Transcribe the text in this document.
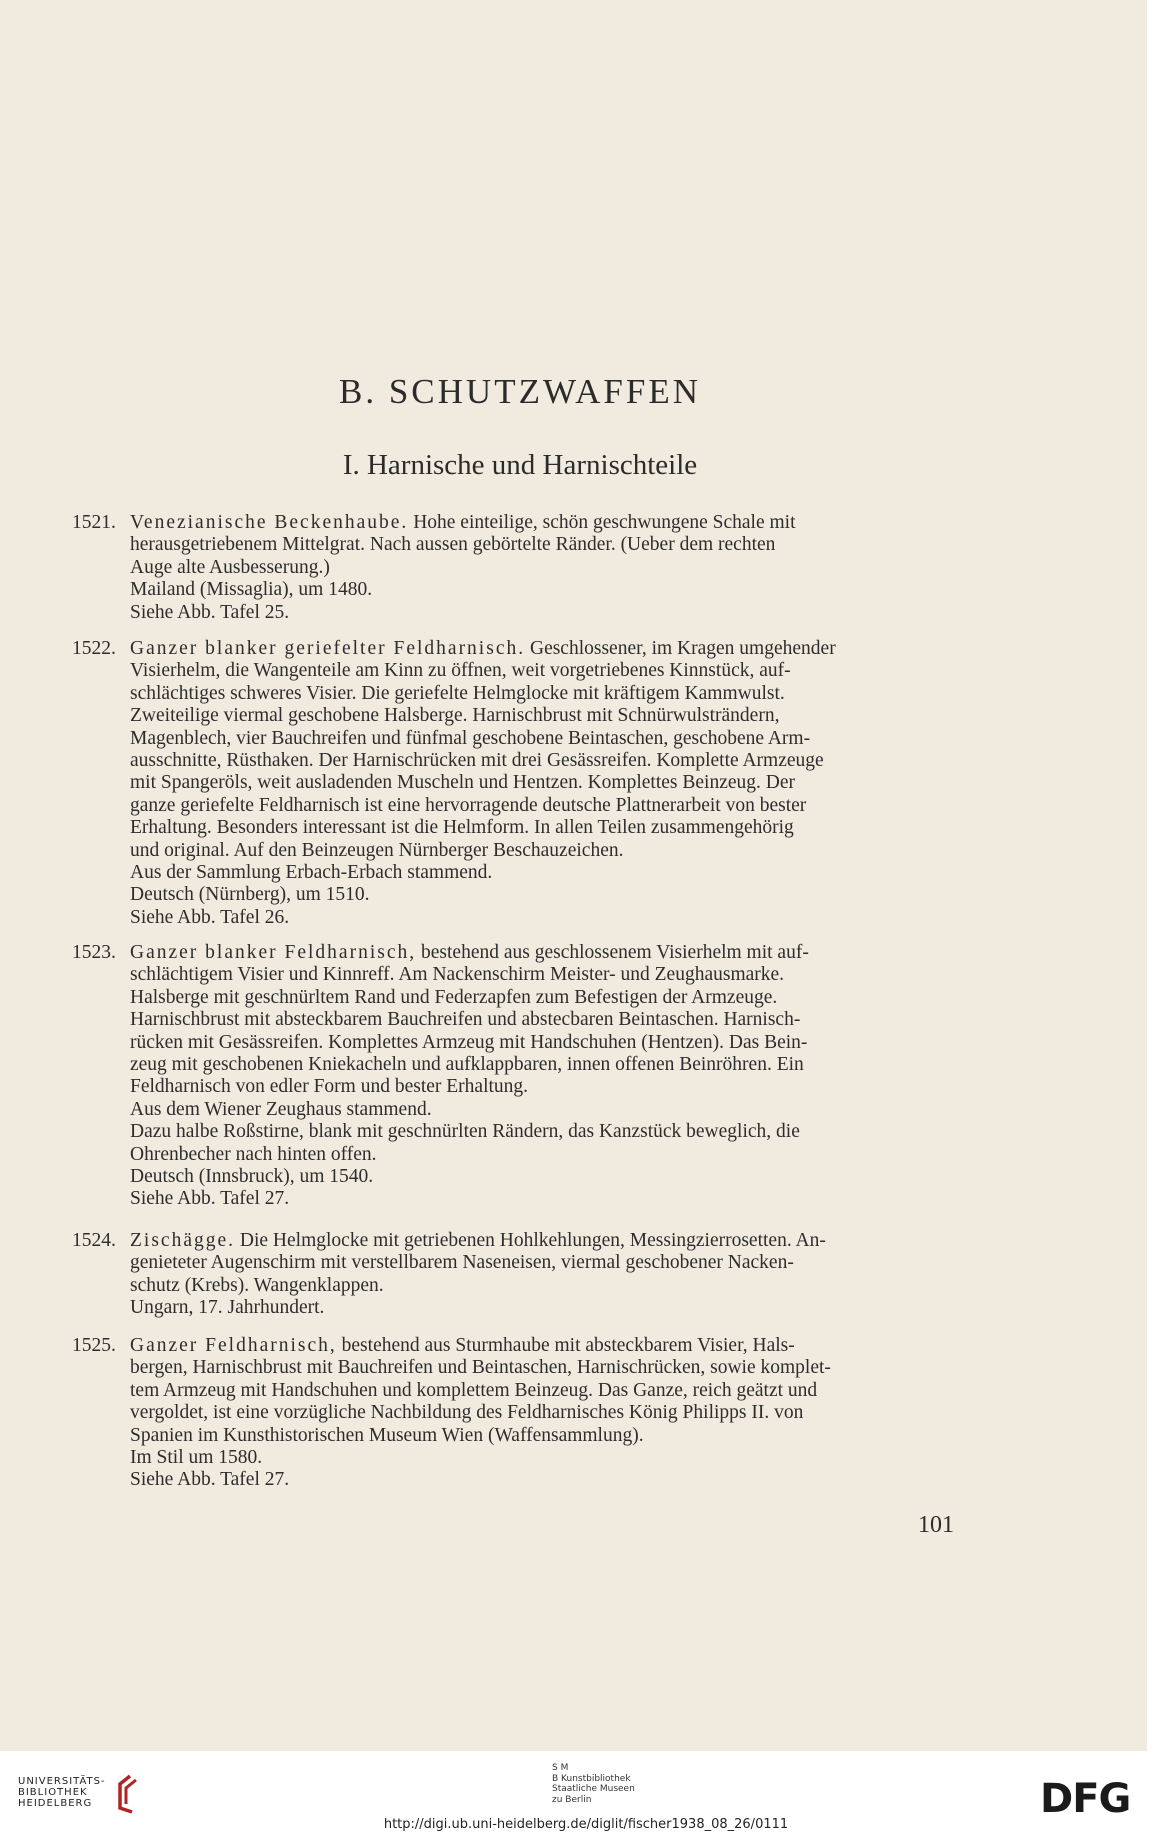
B. SCHUTZWAFFEN
I. Harnische und Harnischteile
1521. Venezianische Beckenhaube. Hohe einteilige, schön geschwungene Schale mit
herausgetriebenem Mittelgrat. Nach aussen gebörtelte Ränder. (Ueber dem rechten
Auge alte Ausbesserung.)
Mailand (Missaglia), um 1480.
Siehe Abb. Tafel 25.
1522. Ganzer blanker geriefelter Feldharnisch. Geschlossener, im Kragen umgehender
Visierhelm, die Wangenteile am Kinn zu öffnen, weit vorgetriebenes Kinnstück, auf-
schlächtiges schweres Visier. Die geriefelte Helmglocke mit kräftigem Kammwulst.
Zweiteilige viermal geschobene Halsberge. Harnischbrust mit Schnürwulsträndern,
Magenblech, vier Bauchreifen und fünfmal geschobene Beintaschen, geschobene Arm-
ausschnitte, Rüsthaken. Der Harnischrücken mit drei Gesässreifen. Komplette Armzeuge
mit Spangeröls, weit ausladenden Muscheln und Hentzen. Komplettes Beinzeug. Der
ganze geriefelte Feldharnisch ist eine hervorragende deutsche Plattnerarbeit von bester
Erhaltung. Besonders interessant ist die Helmform. In allen Teilen zusammengehörig
und original. Auf den Beinzeugen Nürnberger Beschauzeichen.
Aus der Sammlung Erbach-Erbach stammend.
Deutsch (Nürnberg), um 1510.
Siehe Abb. Tafel 26.
1523. Ganzer blanker Feldharnisch, bestehend aus geschlossenem Visierhelm mit auf-
schlächtigem Visier und Kinnreff. Am Nackenschirm Meister- und Zeughausmarke.
Halsberge mit geschnürltem Rand und Federzapfen zum Befestigen der Armzeuge.
Harnischbrust mit absteckbarem Bauchreifen und abstecbaren Beintaschen. Harnisch-
rücken mit Gesässreifen. Komplettes Armzeug mit Handschuhen (Hentzen). Das Bein-
zeug mit geschobenen Kniekacheln und aufklappbaren, innen offenen Beinröhren. Ein
Feldharnisch von edler Form und bester Erhaltung.
Aus dem Wiener Zeughaus stammend.
Dazu halbe Roßstirne, blank mit geschnürlten Rändern, das Kanzstück beweglich, die
Ohrenbecher nach hinten offen.
Deutsch (Innsbruck), um 1540.
Siehe Abb. Tafel 27.
1524. Zischägge. Die Helmglocke mit getriebenen Hohlkehlungen, Messingzierrosetten. An-
genieteter Augenschirm mit verstellbarem Naseneisen, viermal geschobener Nacken-
schutz (Krebs). Wangenklappen.
Ungarn, 17. Jahrhundert.
1525. Ganzer Feldharnisch, bestehend aus Sturmhaube mit absteckbarem Visier, Hals-
bergen, Harnischbrust mit Bauchreifen und Beintaschen, Harnischrücken, sowie komplet-
tem Armzeug mit Handschuhen und komplettem Beinzeug. Das Ganze, reich geätzt und
vergoldet, ist eine vorzügliche Nachbildung des Feldharnisches König Philipps II. von
Spanien im Kunsthistorischen Museum Wien (Waffensammlung).
Im Stil um 1580.
Siehe Abb. Tafel 27.
101
UNIVERSITÄTS-
BIBLIOTHEK
HEIDELBERG
S M
B Kunstbibliothek
Staatliche Museen
zu Berlin	DFG
http://digi.ub.uni-heidelberg.de/diglit/fischer1938_08_26/0111
